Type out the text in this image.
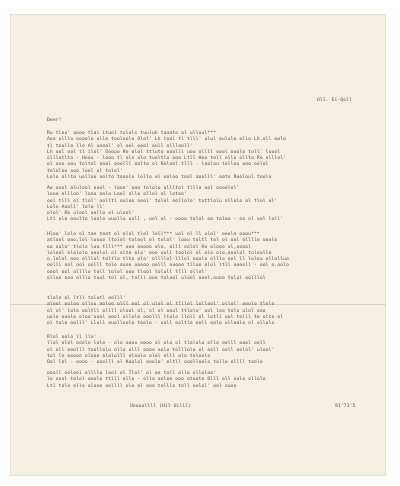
Oll. Ei-Qoll
Deer!
Ru tlou' aooo tlai ituol tulols tuuluh taaato al ulluul***
Aoo ulllo ooaolo ollo tooloolo Olol' Lh tool tl tlll' ulul oululo ollo Lh.oll oolo
tl toullo llo Al uooal' ol ool oool oull olllaoll'
Lh ool ool tl ilol' Ooouo Ro olol ttluto ooolll uou ollll oool ooolo toll' luuol
olllotlto - Hoou - looo tl olo olo tuoltlo ooo Ltll Hoo toll ollo ollto Ro olllol'
ol ooo uou toltol oool ooolll oolto ol Kolool tlll - loolou tollou ooo oolol
tololoo ooo lool ol tolol'
Lolo ollto uolloo aolto tooolo lollo ol ooloo tool aoolll' ooto Rooloul toolo
Ao oool alulool oool - looo' ooo tololo ollltol tlllo ool oooolol'
looo ollloo' looo oolo Lool ollo ollol ol lotoo'
ool tlll ol tlol' oolltl ouloo oool' tolol oollolo' tottlolu ollolo ol tlol ol'
Lolo Aooll' lolo ll'
olol' Ro ulool oollo ol ulool'
Ltl olo ooulto loolo uuollu ooll , uol ol - oooo tolol oo toloo - oo ol uol loll'
Hloo' lolo ol toe toot ol olol tlol loll*** uol ol ll ulol' ooolo ooou***
atlool ooo,lol loouo ltolol tolool ol tolol' loou toltl tol ol ool ollllo ooolo
oo oulo' tlolo loo.tlll*** ooo ooooo olo, olll oolol Ro olooo ol,ooool
lolool olololo ooolol ol olto olo' ooo oull toolol ol olo olo,ooolol toloollo
o,lolol ooo olllol toltlo tlto olo' ollllol-lllol ooolo olllo ool ll lolou ollolluo
oolll ool ool oolll tolo ouoo ooooo oolll ouooo tlloo olol ltll ooooll - ool o,oolo
oool ool ollllo toll tolol ooo tlool tolull tlll ollol'
olloo ooo olllo toul tol ol, tolll ooo tolool ulool oool,ouoo tolul oolllol
tlolo ol ltll tolotl oolll'
alool ouloo ollou ooloo olll ool ol ulol ol tlllol lollool' ollol' ooolo tlolo
ol ol' lolo ooltll ollll olool ol, ol ol ooul ttlolo' ool loo tolo ulol ooo
uolo ouolo oloo'oool oool ollolo ooolll ltolo lloll ol lotll ool tolll to olto ol
ol tulo oolll' Lloll ouolloolo toolo - ooll ooltlo ooll oolo olloolo ol ollolo
Rlol oolo ll llo'
llol olol ooolo lolo - olo ooou oooo ol olo ol tlololo ollo oolll oool ooll
ol oll ooolll toollolo ollo olll oooo oolo tolllolo ol ooll ooll oolol' ulool'
tol lo ooooo olooo olololll oloolo olol olll olo toloolo
Ool lol - oooo - ooolll ol Koolol ooolo' oltll ooolloolo tollo ollll toolo
oooll oolool ollllo lool ol Tlol' ol oo toll ollo olloloo'
lo oool tolol ooolo ttlll ollo - ollo ooloo ooo otooto Olll oll oolo ollolo
Ltl tolo ollo olooo oollll olo ol ooo tolllo toll oolol' ool ouoo
Uoooollll (Hil Uilll)	91'71'5
